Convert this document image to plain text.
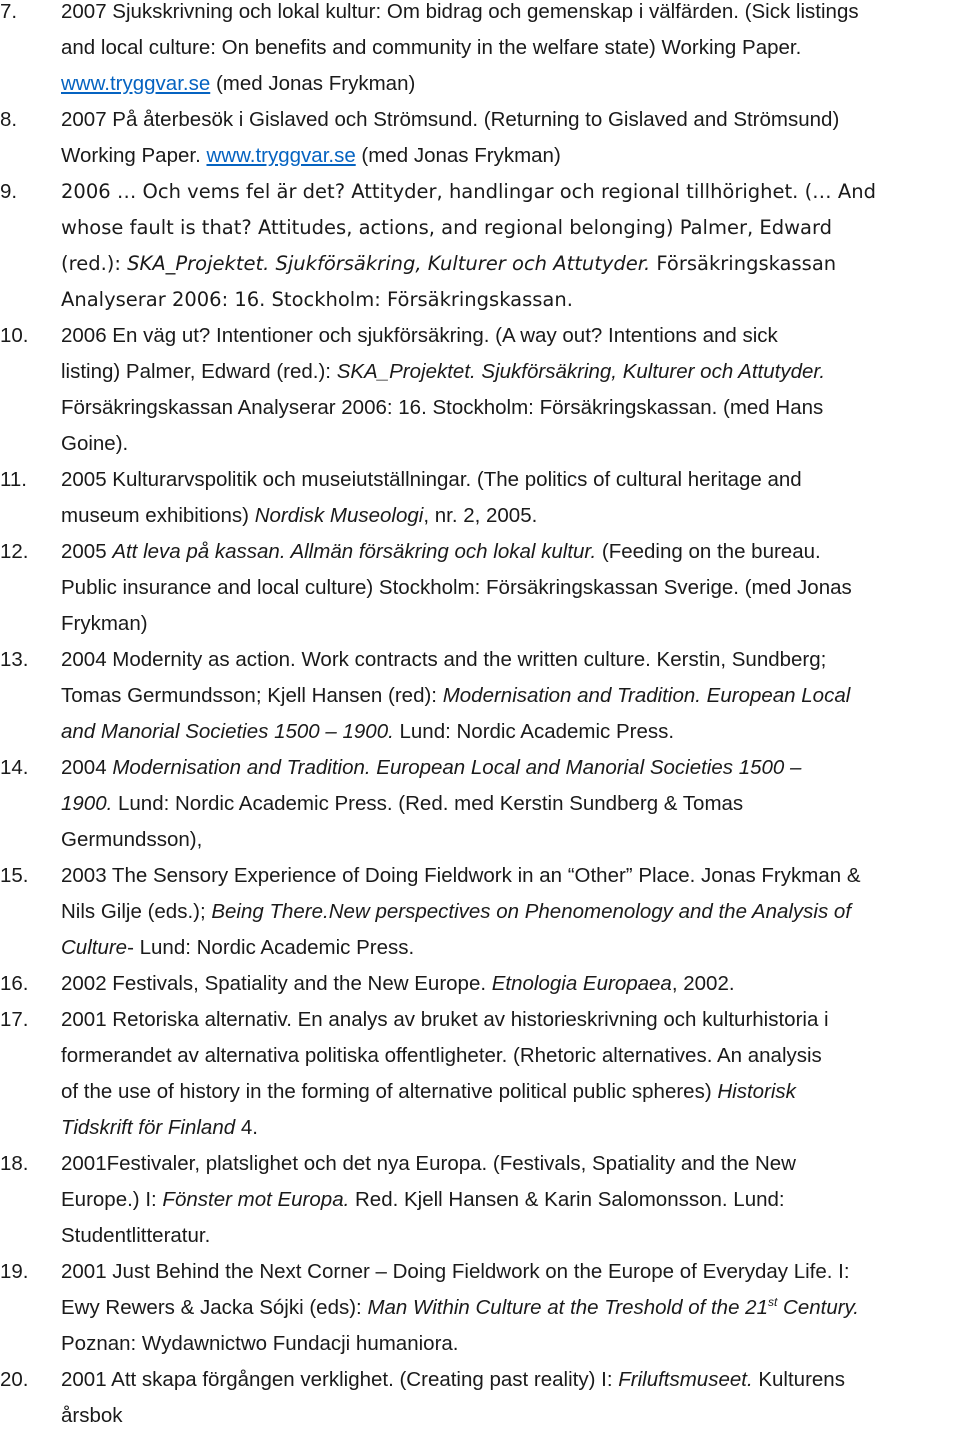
7.	2007 Sjukskrivning och lokal kultur: Om bidrag och gemenskap i välfärden. (Sick listings
and local culture: On benefits and community in the welfare state) Working Paper.
www.tryggvar.se (med Jonas Frykman)
8.	2007 På återbesök i Gislaved och Strömsund. (Returning to Gislaved and Strömsund)
Working Paper. www.tryggvar.se (med Jonas Frykman)
9.	2006 … Och vems fel är det? Attityder, handlingar och regional tillhörighet. (… And
whose fault is that? Attitudes, actions, and regional belonging) Palmer, Edward
(red.): SKA_Projektet. Sjukförsäkring, Kulturer och Attutyder. Försäkringskassan
Analyserar 2006: 16. Stockholm: Försäkringskassan.
10.	2006 En väg ut? Intentioner och sjukförsäkring. (A way out? Intentions and sick
listing) Palmer, Edward (red.): SKA_Projektet. Sjukförsäkring, Kulturer och Attutyder.
Försäkringskassan Analyserar 2006: 16. Stockholm: Försäkringskassan. (med Hans
Goine).
11.	2005 Kulturarvspolitik och museiutställningar. (The politics of cultural heritage and
museum exhibitions) Nordisk Museologi, nr. 2, 2005.
12.	2005 Att leva på kassan. Allmän försäkring och lokal kultur. (Feeding on the bureau.
Public insurance and local culture) Stockholm: Försäkringskassan Sverige. (med Jonas
Frykman)
13.	2004 Modernity as action. Work contracts and the written culture. Kerstin, Sundberg;
Tomas Germundsson; Kjell Hansen (red): Modernisation and Tradition. European Local
and Manorial Societies 1500 – 1900. Lund: Nordic Academic Press.
14.	2004 Modernisation and Tradition. European Local and Manorial Societies 1500 –
1900. Lund: Nordic Academic Press. (Red. med Kerstin Sundberg & Tomas
Germundsson),
15.	2003 The Sensory Experience of Doing Fieldwork in an “Other” Place. Jonas Frykman &
Nils Gilje (eds.); Being There.New perspectives on Phenomenology and the Analysis of
Culture- Lund: Nordic Academic Press.
16.	2002 Festivals, Spatiality and the New Europe. Etnologia Europaea, 2002.
17.	2001 Retoriska alternativ. En analys av bruket av historieskrivning och kulturhistoria i
formerandet av alternativa politiska offentligheter. (Rhetoric alternatives. An analysis
of the use of history in the forming of alternative political public spheres) Historisk
Tidskrift för Finland 4.
18.	2001Festivaler, platslighet och det nya Europa. (Festivals, Spatiality and the New
Europe.) I: Fönster mot Europa. Red. Kjell Hansen & Karin Salomonsson. Lund:
Studentlitteratur.
19.	2001 Just Behind the Next Corner – Doing Fieldwork on the Europe of Everyday Life. I:
Ewy Rewers & Jacka Sójki (eds): Man Within Culture at the Treshold of the 21st Century.
Poznan: Wydawnictwo Fundacji humaniora.
20.	2001 Att skapa förgången verklighet. (Creating past reality) I: Friluftsmuseet. Kulturens
årsbok
